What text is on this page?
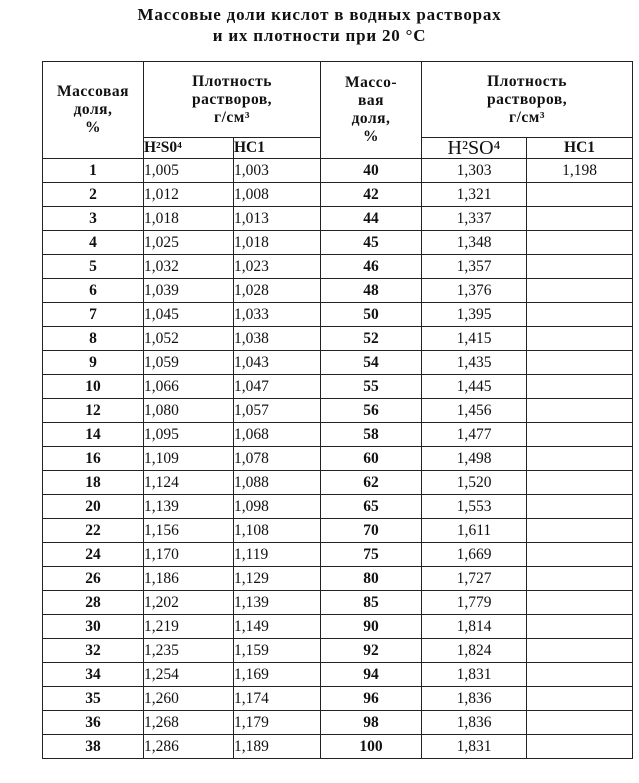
Массовые доли кислот в водных растворах
и их плотности при 20 °С
Массовая
доля,
%	Плотность
растворов,
г/см³		Массо-
вая
доля,
%	Плотность
растворов,
г/см³	
	H²S0⁴	НС1		H²SO⁴	НС1
1	1,005	1,003	40	1,303	1,198
2	1,012	1,008	42	1,321	
3	1,018	1,013	44	1,337	
4	1,025	1,018	45	1,348	
5	1,032	1,023	46	1,357	
6	1,039	1,028	48	1,376	
7	1,045	1,033	50	1,395	
8	1,052	1,038	52	1,415	
9	1,059	1,043	54	1,435	
10	1,066	1,047	55	1,445	
12	1,080	1,057	56	1,456	
14	1,095	1,068	58	1,477	
16	1,109	1,078	60	1,498	
18	1,124	1,088	62	1,520	
20	1,139	1,098	65	1,553	
22	1,156	1,108	70	1,611	
24	1,170	1,119	75	1,669	
26	1,186	1,129	80	1,727	
28	1,202	1,139	85	1,779	
30	1,219	1,149	90	1,814	
32	1,235	1,159	92	1,824	
34	1,254	1,169	94	1,831	
35	1,260	1,174	96	1,836	
36	1,268	1,179	98	1,836	
38	1,286	1,189	100	1,831	
